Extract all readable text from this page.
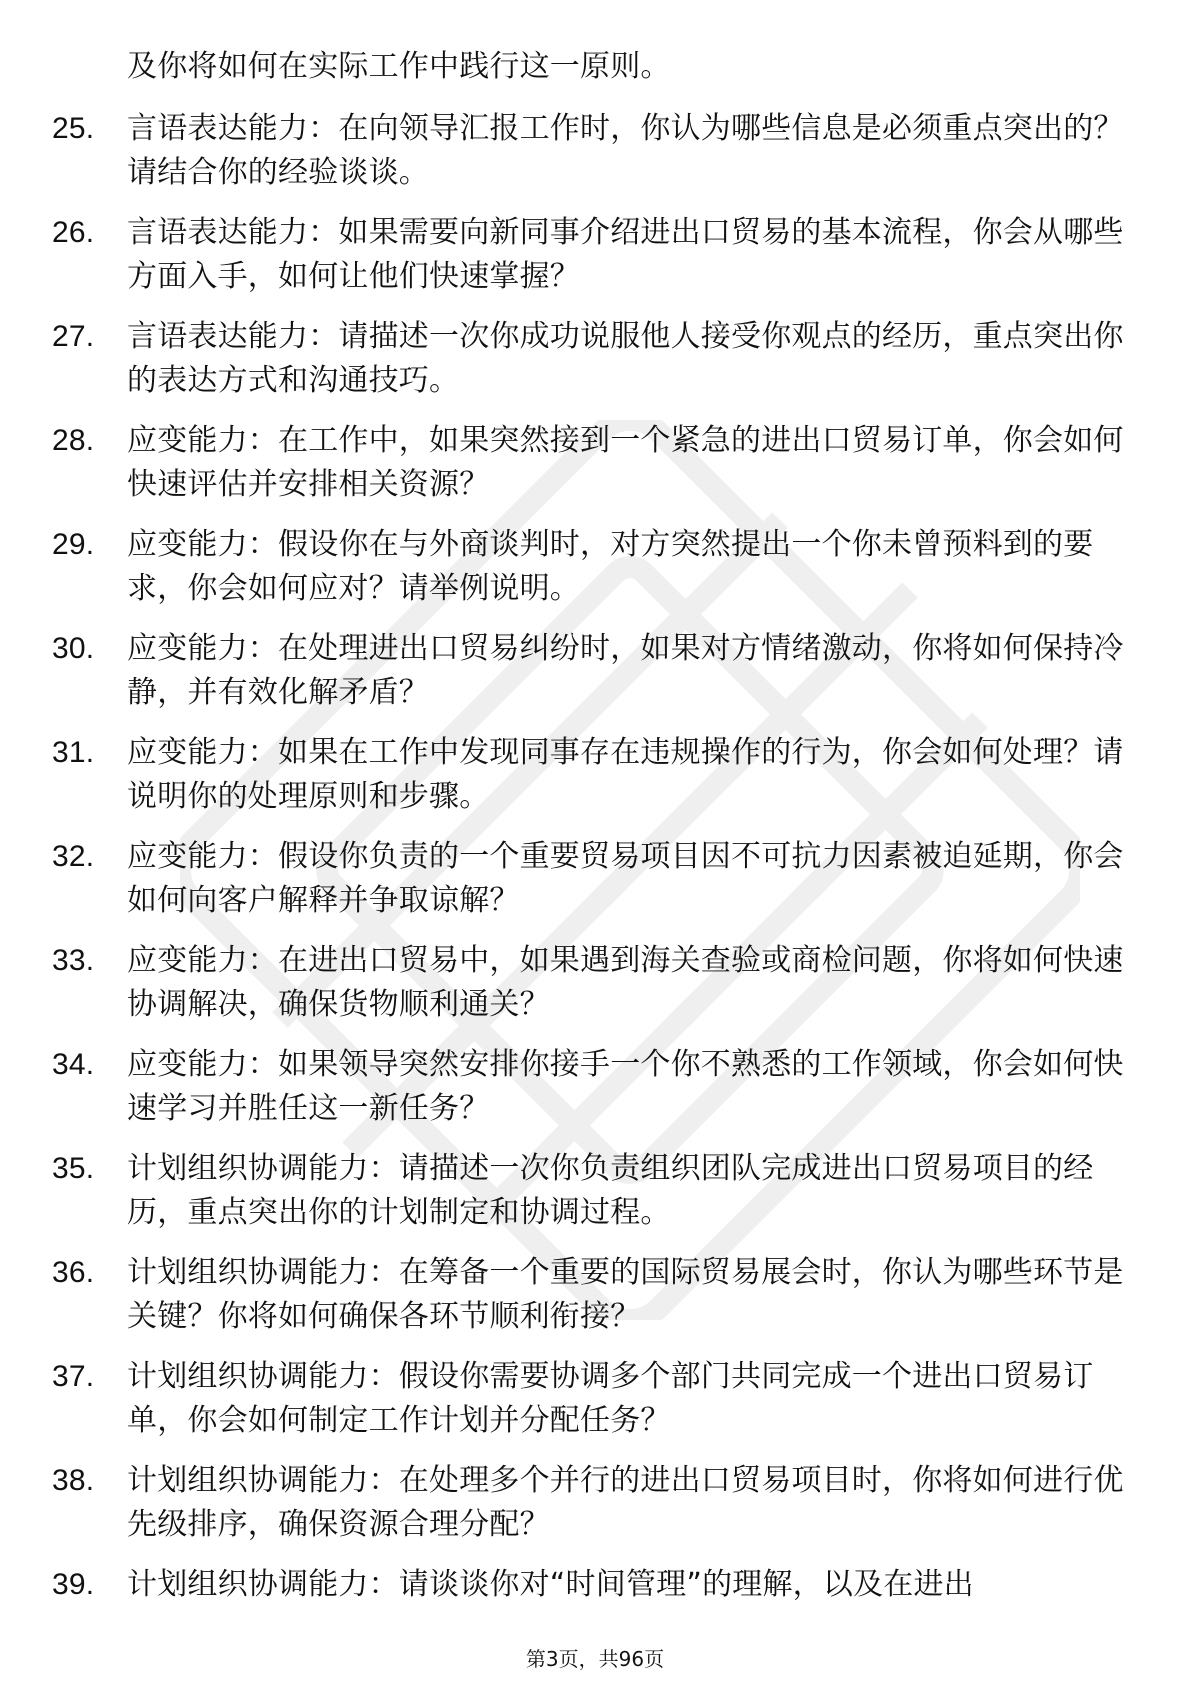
及你将如何在实际工作中践行这一原则。
25.	言语表达能力：在向领导汇报工作时，你认为哪些信息是必须重点突出的？请结合你的经验谈谈。
26.	言语表达能力：如果需要向新同事介绍进出口贸易的基本流程，你会从哪些方面入手，如何让他们快速掌握？
27.	言语表达能力：请描述一次你成功说服他人接受你观点的经历，重点突出你的表达方式和沟通技巧。
28.	应变能力：在工作中，如果突然接到一个紧急的进出口贸易订单，你会如何快速评估并安排相关资源？
29.	应变能力：假设你在与外商谈判时，对方突然提出一个你未曾预料到的要求，你会如何应对？请举例说明。
30.	应变能力：在处理进出口贸易纠纷时，如果对方情绪激动，你将如何保持冷静，并有效化解矛盾？
31.	应变能力：如果在工作中发现同事存在违规操作的行为，你会如何处理？请说明你的处理原则和步骤。
32.	应变能力：假设你负责的一个重要贸易项目因不可抗力因素被迫延期，你会如何向客户解释并争取谅解？
33.	应变能力：在进出口贸易中，如果遇到海关查验或商检问题，你将如何快速协调解决，确保货物顺利通关？
34.	应变能力：如果领导突然安排你接手一个你不熟悉的工作领域，你会如何快速学习并胜任这一新任务？
35.	计划组织协调能力：请描述一次你负责组织团队完成进出口贸易项目的经历，重点突出你的计划制定和协调过程。
36.	计划组织协调能力：在筹备一个重要的国际贸易展会时，你认为哪些环节是关键？你将如何确保各环节顺利衔接？
37.	计划组织协调能力：假设你需要协调多个部门共同完成一个进出口贸易订单，你会如何制定工作计划并分配任务？
38.	计划组织协调能力：在处理多个并行的进出口贸易项目时，你将如何进行优先级排序，确保资源合理分配？
39.	计划组织协调能力：请谈谈你对“时间管理”的理解，以及在进出
第3页，共96页
